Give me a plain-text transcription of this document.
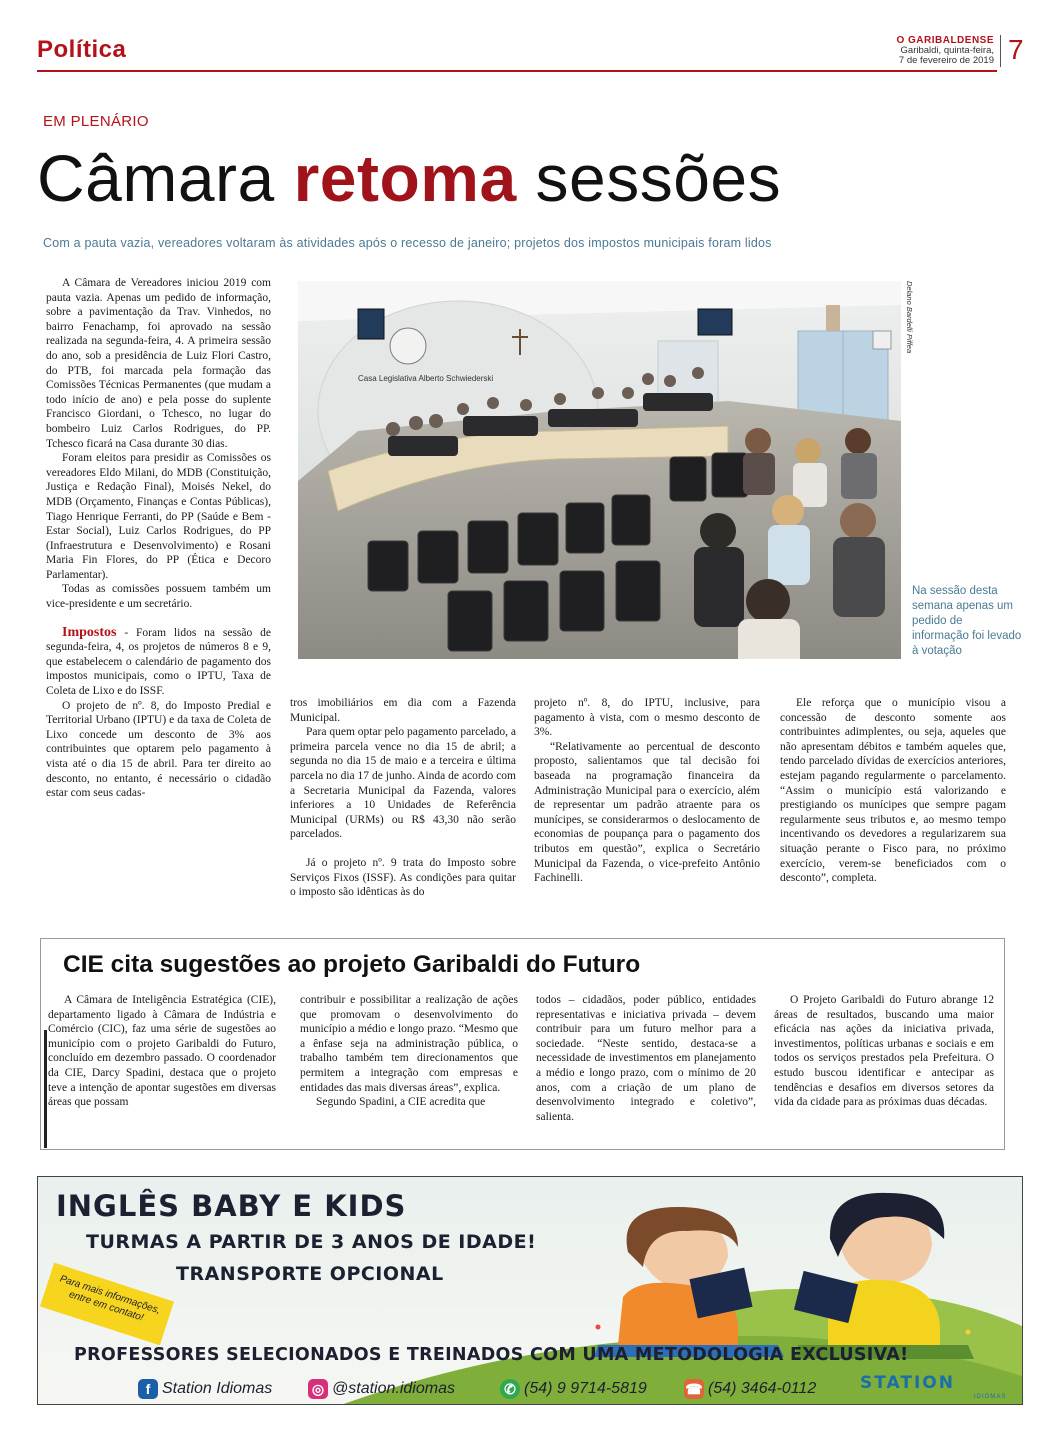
Política	O GARIBALDENSE
Garibaldi, quinta-feira,
7 de fevereiro de 2019 7
EM PLENÁRIO
Câmara retoma sessões
Com a pauta vazia, vereadores voltaram às atividades após o recesso de janeiro; projetos dos impostos municipais foram lidos

A Câmara de Vereadores iniciou 2019 com pauta vazia. Apenas um pedido de informação, sobre a pavimentação da Trav. Vinhedos, no bairro Fenachamp, foi aprovado na sessão realizada na segunda-feira, 4. A primeira sessão do ano, sob a presidência de Luiz Flori Castro, do PTB, foi marcada pela formação das Comissões Técnicas Permanentes (que mudam a todo início de ano) e pela posse do suplente Francisco Giordani, o Tchesco, no lugar do bombeiro Luiz Carlos Rodrigues, do PP. Tchesco ficará na Casa durante 30 dias.

Foram eleitos para presidir as Comissões os vereadores Eldo Milani, do MDB (Constituição, Justiça e Redação Final), Moisés Nekel, do MDB (Orçamento, Finanças e Contas Públicas), Tiago Henrique Ferranti, do PP (Saúde e Bem - Estar Social), Luiz Carlos Rodrigues, do PP (Infraestrutura e Desenvolvimento) e Rosani Maria Fin Flores, do PP (Ética e Decoro Parlamentar).

Todas as comissões possuem também um vice-presidente e um secretário.

Impostos - Foram lidos na sessão de segunda-feira, 4, os projetos de números 8 e 9, que estabelecem o calendário de pagamento dos impostos municipais, como o IPTU, Taxa de Coleta de Lixo e do ISSF.

O projeto de nº. 8, do Imposto Predial e Territorial Urbano (IPTU) e da taxa de Coleta de Lixo concede um desconto de 3% aos contribuintes que optarem pelo pagamento à vista até o dia 15 de abril. Para ter direito ao desconto, no entanto, é necessário o cidadão estar com seus cadas-

Casa Legislativa Alberto Schwiederski
Delano Bardelli Piffea
Na sessão desta semana apenas um pedido de informação foi levado à votação

tros imobiliários em dia com a Fazenda Municipal.

Para quem optar pelo pagamento parcelado, a primeira parcela vence no dia 15 de abril; a segunda no dia 15 de maio e a terceira e última parcela no dia 17 de junho. Ainda de acordo com a Secretaria Municipal da Fazenda, valores inferiores a 10 Unidades de Referência Municipal (URMs) ou R$ 43,30 não serão parcelados.

Já o projeto nº. 9 trata do Imposto sobre Serviços Fixos (ISSF). As condições para quitar o imposto são idênticas às do

projeto nº. 8, do IPTU, inclusive, para pagamento à vista, com o mesmo desconto de 3%.

“Relativamente ao percentual de desconto proposto, salientamos que tal decisão foi baseada na programação financeira da Administração Municipal para o exercício, além de representar um padrão atraente para os munícipes, se considerarmos o deslocamento de economias de poupança para o pagamento dos tributos em questão”, explica o Secretário Municipal da Fazenda, o vice-prefeito Antônio Fachinelli.

Ele reforça que o município visou a concessão de desconto somente aos contribuintes adimplentes, ou seja, aqueles que não apresentam débitos e também aqueles que, tendo parcelado dívidas de exercícios anteriores, estejam pagando regularmente o parcelamento. “Assim o município está valorizando e prestigiando os munícipes que sempre pagam regularmente seus tributos e, ao mesmo tempo incentivando os devedores a regularizarem sua situação perante o Fisco para, no próximo exercício, verem-se beneficiados com o desconto”, completa.

CIE cita sugestões ao projeto Garibaldi do Futuro

A Câmara de Inteligência Estratégica (CIE), departamento ligado à Câmara de Indústria e Comércio (CIC), faz uma série de sugestões ao município com o projeto Garibaldi do Futuro, concluído em dezembro passado. O coordenador da CIE, Darcy Spadini, destaca que o projeto teve a intenção de apontar sugestões em diversas áreas que possam

contribuir e possibilitar a realização de ações que promovam o desenvolvimento do município a médio e longo prazo. “Mesmo que a ênfase seja na administração pública, o trabalho também tem direcionamentos que permitem a integração com empresas e entidades das mais diversas áreas”, explica.

Segundo Spadini, a CIE acredita que

todos – cidadãos, poder público, entidades representativas e iniciativa privada – devem contribuir para um futuro melhor para a sociedade. “Neste sentido, destaca-se a necessidade de investimentos em planejamento a médio e longo prazo, com o mínimo de 20 anos, com a criação de um plano de desenvolvimento integrado e coletivo”, salienta.

O Projeto Garibaldi do Futuro abrange 12 áreas de resultados, buscando uma maior eficácia nas ações da iniciativa privada, investimentos, políticas urbanas e sociais e em todos os serviços prestados pela Prefeitura. O estudo buscou identificar e antecipar as tendências e desafios em diversos setores da vida da cidade para as próximas duas décadas.

INGLÊS BABY E KIDS
TURMAS A PARTIR DE 3 ANOS DE IDADE!
TRANSPORTE OPCIONAL
Para mais informações, entre em contato!
PROFESSORES SELECIONADOS E TREINADOS COM UMA METODOLOGIA EXCLUSIVA!
f Station Idiomas	◎ @station.idiomas	✆ (54) 9 9714-5819	☎ (54) 3464-0112	STATION
IDIOMAS
